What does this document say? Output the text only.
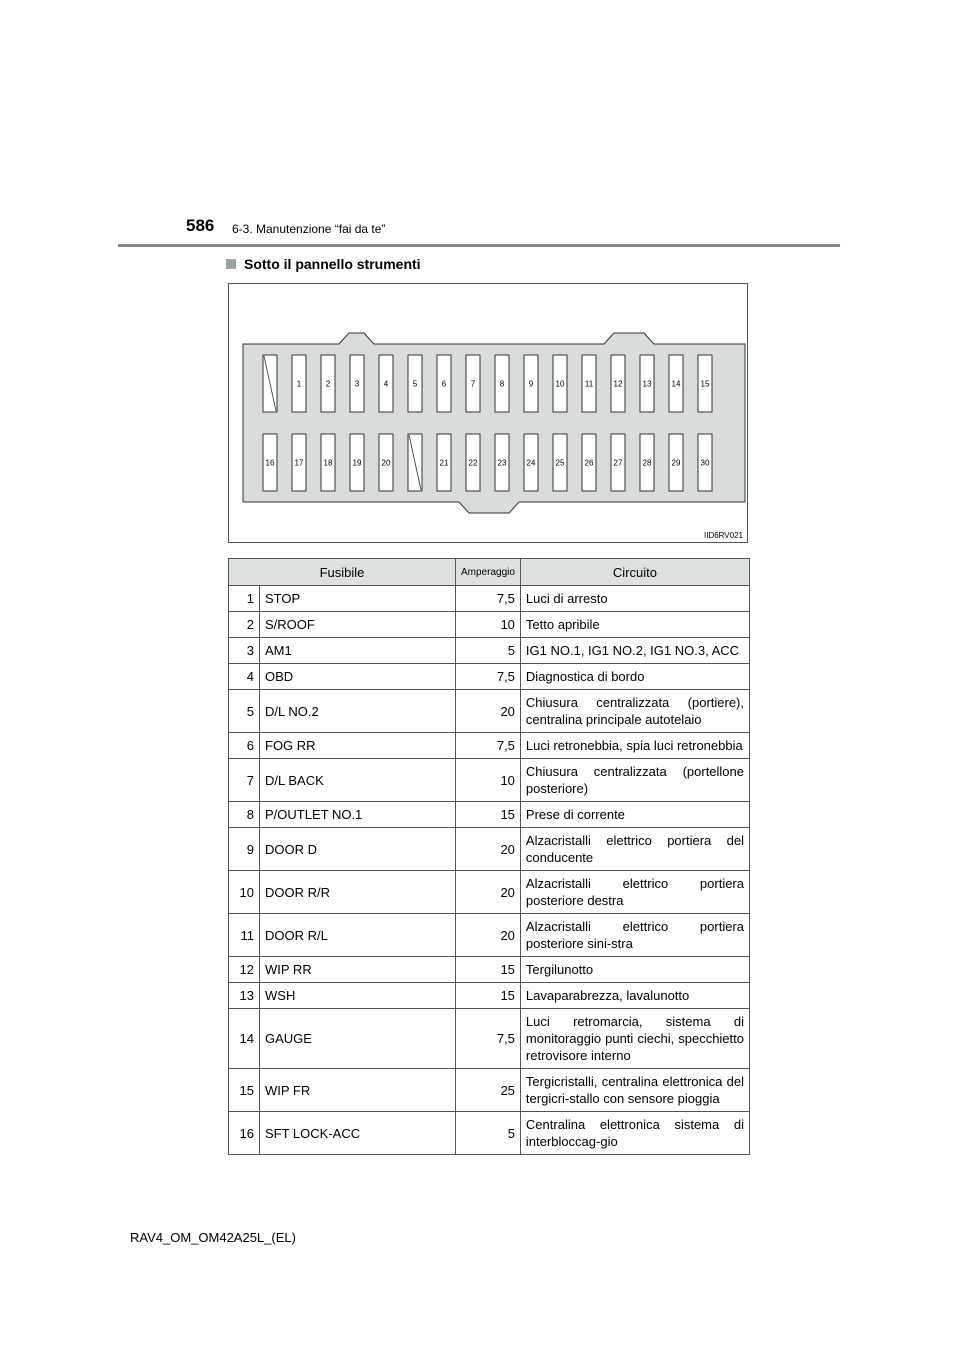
586 6-3. Manutenzione “fai da te”
Sotto il pannello strumenti
1	2	3	4	5	6	7	8	9	10	11	12	13	14	15
16	17	18	19	20	21	22	23	24	25	26	27	28	29	30
IID6RV021
Fusibile		Amperaggio	Circuito
1	STOP	7,5	Luci di arresto
2	S/ROOF	10	Tetto apribile
3	AM1	5	IG1 NO.1, IG1 NO.2, IG1 NO.3, ACC
4	OBD	7,5	Diagnostica di bordo
5	D/L NO.2	20	Chiusura centralizzata (portiere), centralina principale autotelaio
6	FOG RR	7,5	Luci retronebbia, spia luci retronebbia
7	D/L BACK	10	Chiusura centralizzata (portellone posteriore)
8	P/OUTLET NO.1	15	Prese di corrente
9	DOOR D	20	Alzacristalli elettrico portiera del conducente
10	DOOR R/R	20	Alzacristalli elettrico portiera posteriore destra
11	DOOR R/L	20	Alzacristalli elettrico portiera posteriore sini-stra
12	WIP RR	15	Tergilunotto
13	WSH	15	Lavaparabrezza, lavalunotto
14	GAUGE	7,5	Luci retromarcia, sistema di monitoraggio punti ciechi, specchietto retrovisore interno
15	WIP FR	25	Tergicristalli, centralina elettronica del tergicri-stallo con sensore pioggia
16	SFT LOCK-ACC	5	Centralina elettronica sistema di interbloccag-gio
RAV4_OM_OM42A25L_(EL)
